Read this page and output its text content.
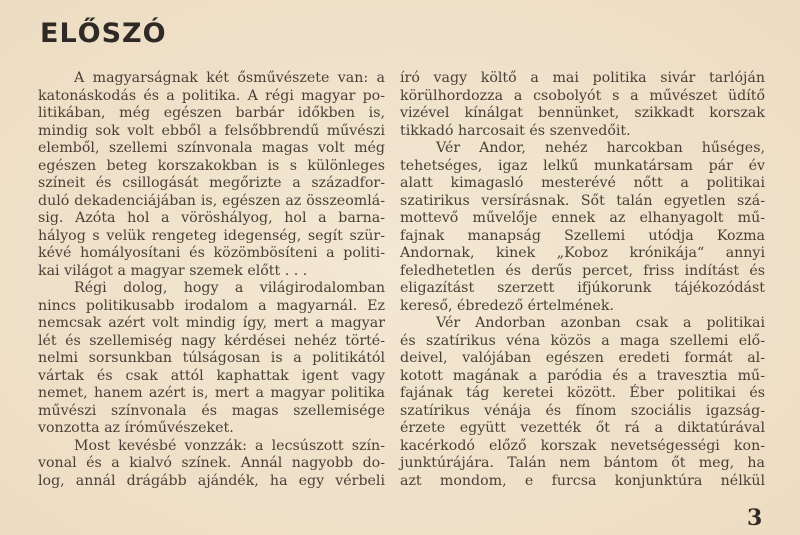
ELŐSZÓ
A magyarságnak két ősművészete van: a
katonáskodás és a politika. A régi magyar po-
litikában, még egészen barbár időkben is,
mindig sok volt ebből a felsőbbrendű művészi
elemből, szellemi színvonala magas volt még
egészen beteg korszakokban is s különleges
színeit és csillogását megőrizte a századfor-
duló dekadenciájában is, egészen az összeomlá-
sig. Azóta hol a vöröshályog, hol a barna-
hályog s velük rengeteg idegenség, segít szür-
kévé homályosítani és közömbösíteni a politi-
kai világot a magyar szemek előtt . . .
Régi dolog, hogy a világirodalomban
nincs politikusabb irodalom a magyarnál. Ez
nemcsak azért volt mindig így, mert a magyar
lét és szellemiség nagy kérdései nehéz törté-
nelmi sorsunkban túlságosan is a politikától
vártak és csak attól kaphattak igent vagy
nemet, hanem azért is, mert a magyar politika
művészi színvonala és magas szellemisége
vonzotta az íróművészeket.
Most kevésbé vonzzák: a lecsúszott szín-
vonal és a kialvó színek. Annál nagyobb do-
log, annál drágább ajándék, ha egy vérbeli
író vagy költő a mai politika sivár tarlóján
körülhordozza a csobolyót s a művészet üdítő
vizével kínálgat bennünket, szikkadt korszak
tikkadó harcosait és szenvedőit.
Vér Andor, nehéz harcokban hűséges,
tehetséges, igaz lelkű munkatársam pár év
alatt kimagasló mesterévé nőtt a politikai
szatirikus versírásnak. Sőt talán egyetlen szá-
mottevő művelője ennek az elhanyagolt mű-
fajnak manapság Szellemi utódja Kozma
Andornak, kinek „Koboz krónikája“ annyi
feledhetetlen és derűs percet, friss indítást és
eligazítást szerzett ifjúkorunk tájékozódást
kereső, ébredező értelmének.
Vér Andorban azonban csak a politikai
és szatírikus véna közös a maga szellemi elő-
deivel, valójában egészen eredeti formát al-
kotott magának a paródia és a travesztia mű-
fajának tág keretei között. Éber politikai és
szatírikus vénája és fínom szociális igazság-
érzete együtt vezették őt rá a diktatúrával
kacérkodó előző korszak nevetségességi kon-
junktúrájára. Talán nem bántom őt meg, ha
azt mondom, e furcsa konjunktúra nélkül
3
